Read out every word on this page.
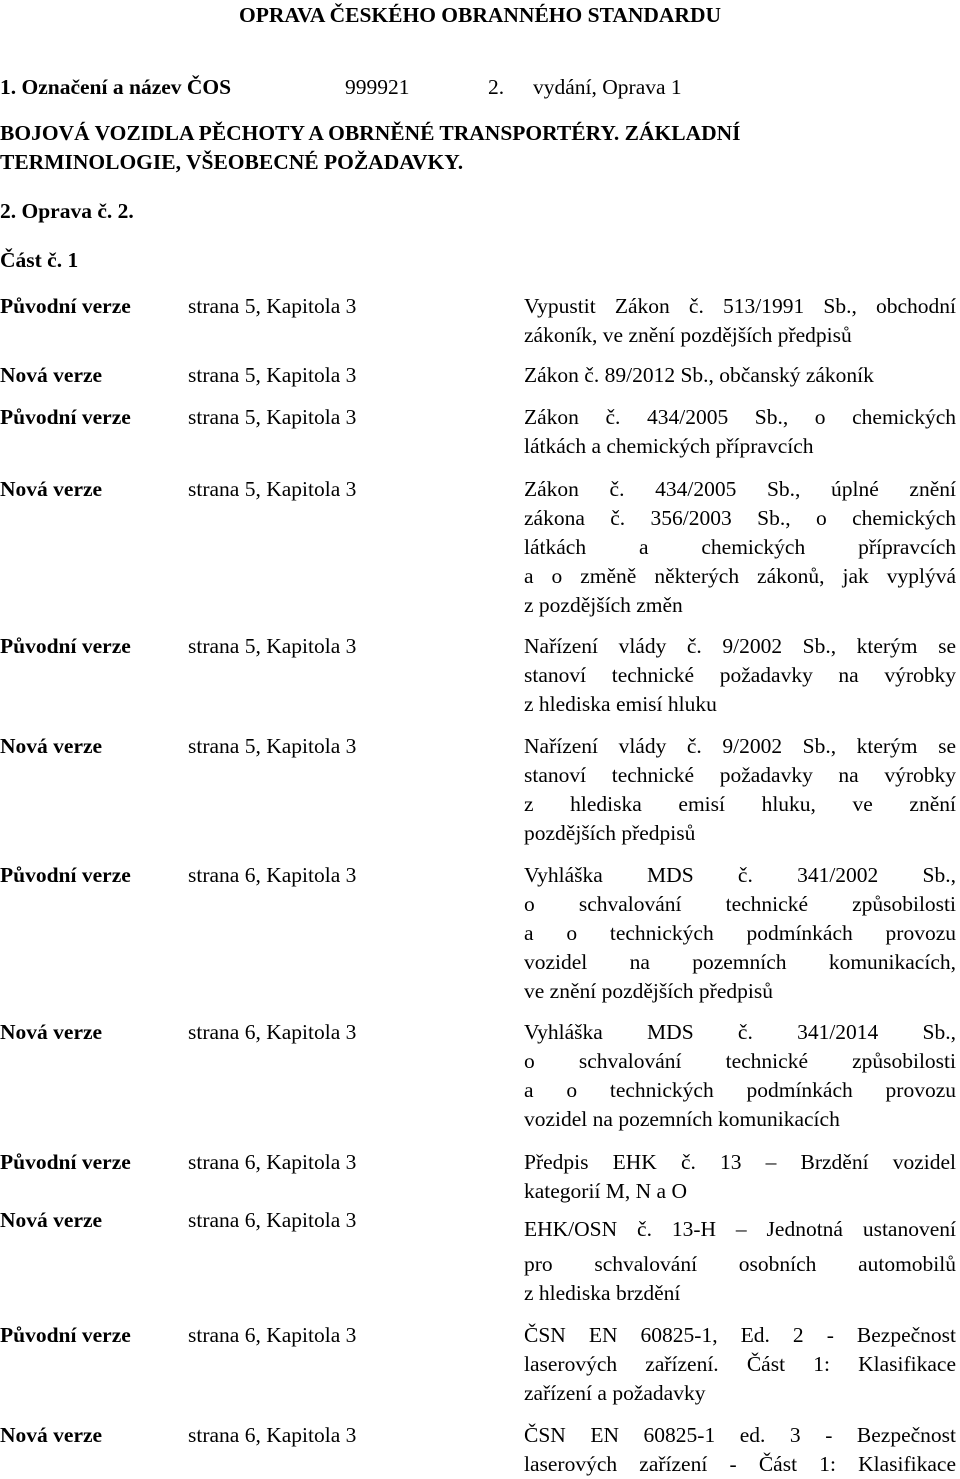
OPRAVA ČESKÉHO OBRANNÉHO STANDARDU
1. Označení a název ČOS	999921	2. vydání, Oprava 1
BOJOVÁ VOZIDLA PĚCHOTY A OBRNĚNÉ TRANSPORTÉRY. ZÁKLADNÍ
TERMINOLOGIE, VŠEOBECNÉ POŽADAVKY.
2. Oprava č. 2.
Část č. 1
Původní verze	strana 5, Kapitola 3	Vypustit Zákon č. 513/1991 Sb., obchodní
zákoník, ve znění pozdějších předpisů
Nová verze	strana 5, Kapitola 3	Zákon č. 89/2012 Sb., občanský zákoník
Původní verze	strana 5, Kapitola 3	Zákon č. 434/2005 Sb., o chemických
látkách a chemických přípravcích
Nová verze	strana 5, Kapitola 3	Zákon č. 434/2005 Sb., úplné znění
zákona č. 356/2003 Sb., o chemických
látkách a chemických přípravcích
a o změně některých zákonů, jak vyplývá
z pozdějších změn
Původní verze	strana 5, Kapitola 3	Nařízení vlády č. 9/2002 Sb., kterým se
stanoví technické požadavky na výrobky
z hlediska emisí hluku
Nová verze	strana 5, Kapitola 3	Nařízení vlády č. 9/2002 Sb., kterým se
stanoví technické požadavky na výrobky
z hlediska emisí hluku, ve znění
pozdějších předpisů
Původní verze	strana 6, Kapitola 3	Vyhláška MDS č. 341/2002 Sb.,
o schvalování technické způsobilosti
a o technických podmínkách provozu
vozidel na pozemních komunikacích,
ve znění pozdějších předpisů
Nová verze	strana 6, Kapitola 3	Vyhláška MDS č. 341/2014 Sb.,
o schvalování technické způsobilosti
a o technických podmínkách provozu
vozidel na pozemních komunikacích
Původní verze	strana 6, Kapitola 3	Předpis EHK č. 13 – Brzdění vozidel
kategorií M, N a O
Nová verze	strana 6, Kapitola 3	EHK/OSN č. 13-H – Jednotná ustanovení
pro schvalování osobních automobilů
z hlediska brzdění
Původní verze	strana 6, Kapitola 3	ČSN EN 60825-1, Ed. 2 - Bezpečnost
laserových zařízení. Část 1: Klasifikace
zařízení a požadavky
Nová verze	strana 6, Kapitola 3	ČSN EN 60825-1 ed. 3 - Bezpečnost
laserových zařízení - Část 1: Klasifikace
